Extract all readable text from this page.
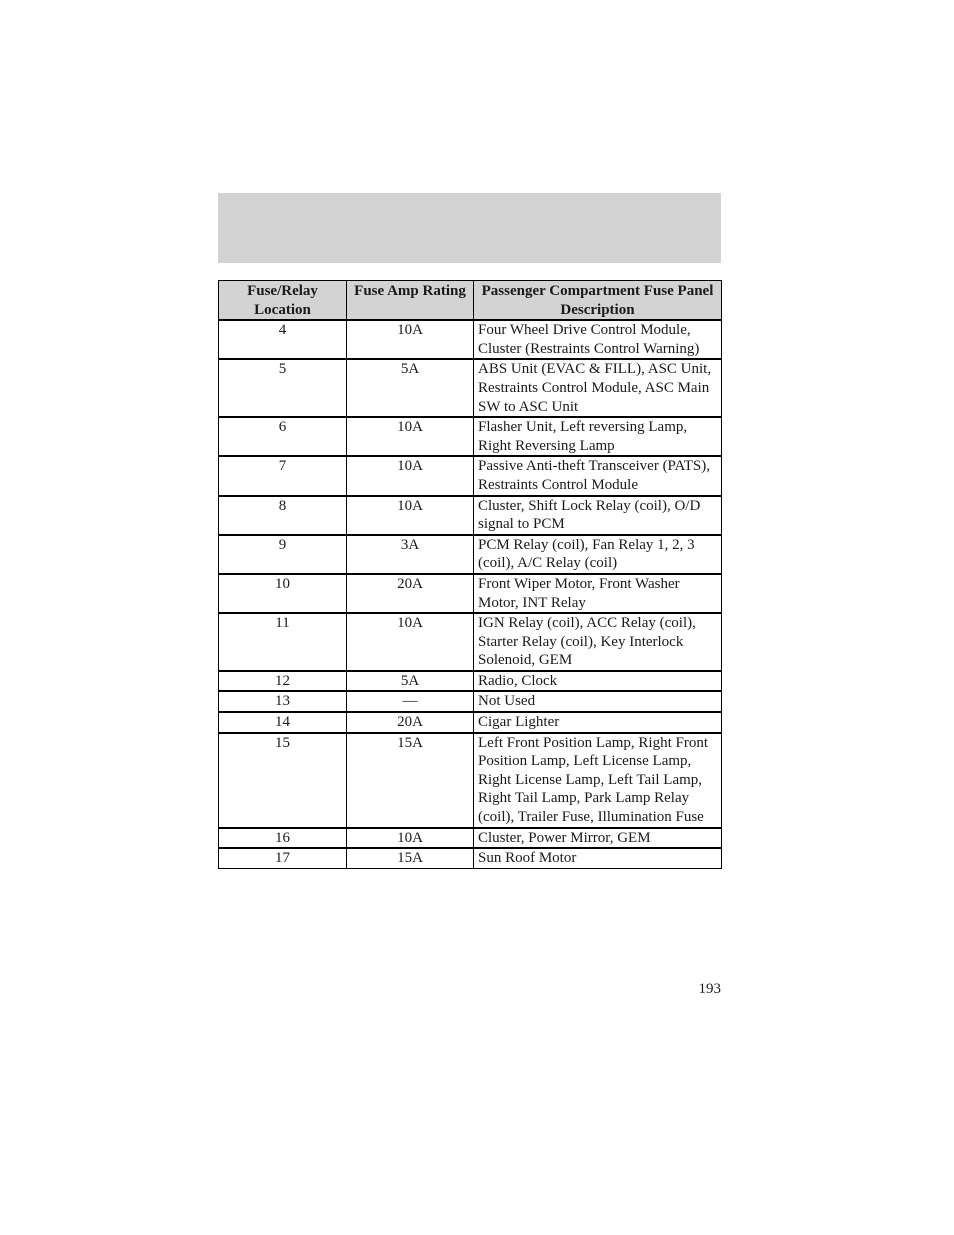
Fuse/Relay Location	Fuse Amp Rating	Passenger Compartment Fuse Panel Description
4	10A	Four Wheel Drive Control Module, Cluster (Restraints Control Warning)
5	5A	ABS Unit (EVAC & FILL), ASC Unit, Restraints Control Module, ASC Main SW to ASC Unit
6	10A	Flasher Unit, Left reversing Lamp, Right Reversing Lamp
7	10A	Passive Anti-theft Transceiver (PATS), Restraints Control Module
8	10A	Cluster, Shift Lock Relay (coil), O/D signal to PCM
9	3A	PCM Relay (coil), Fan Relay 1, 2, 3 (coil), A/C Relay (coil)
10	20A	Front Wiper Motor, Front Washer Motor, INT Relay
11	10A	IGN Relay (coil), ACC Relay (coil), Starter Relay (coil), Key Interlock Solenoid, GEM
12	5A	Radio, Clock
13	—	Not Used
14	20A	Cigar Lighter
15	15A	Left Front Position Lamp, Right Front Position Lamp, Left License Lamp, Right License Lamp, Left Tail Lamp, Right Tail Lamp, Park Lamp Relay (coil), Trailer Fuse, Illumination Fuse
16	10A	Cluster, Power Mirror, GEM
17	15A	Sun Roof Motor
193
